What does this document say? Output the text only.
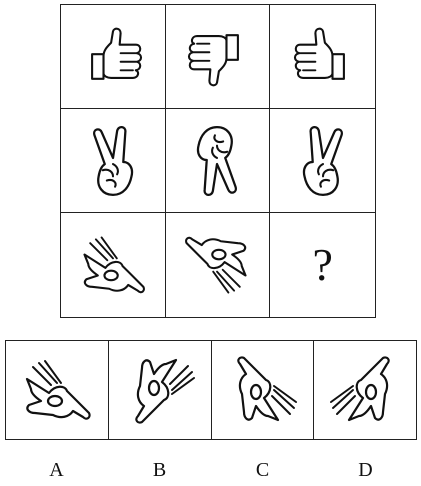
?
A	B	C	D
